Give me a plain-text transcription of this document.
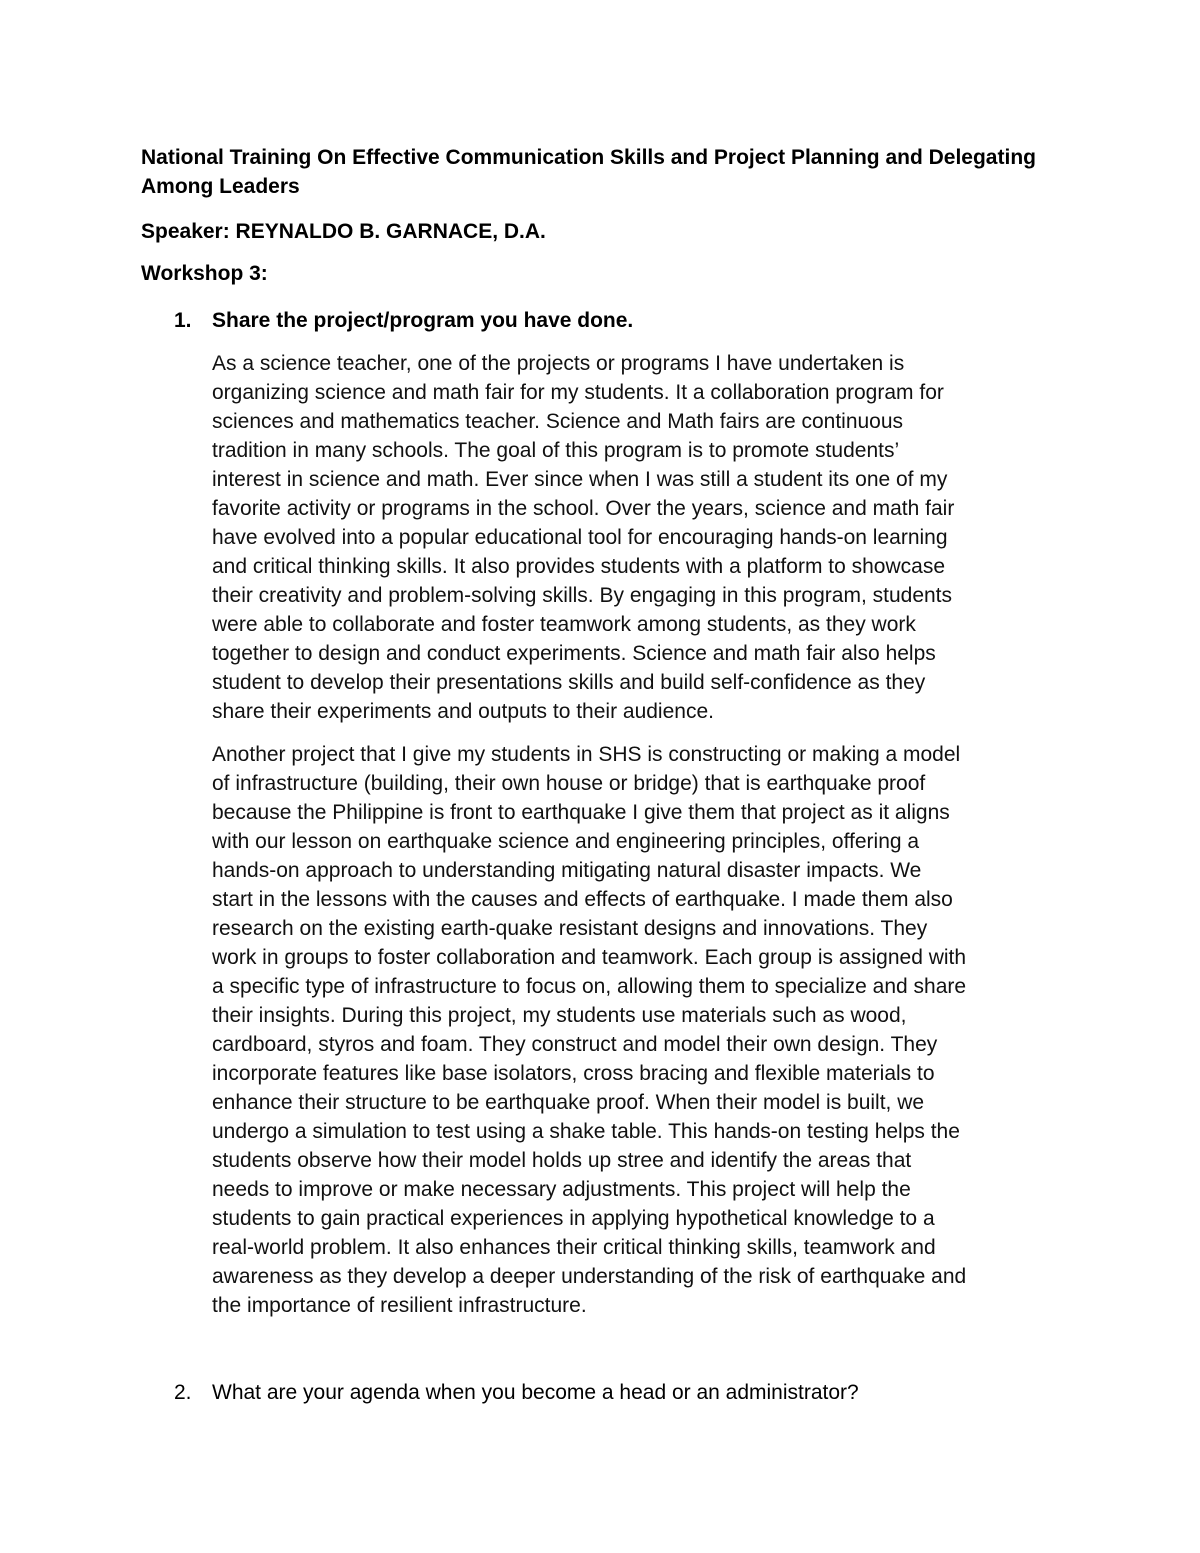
National Training On Effective Communication Skills and Project Planning and Delegating Among Leaders

Speaker: REYNALDO B. GARNACE, D.A.

Workshop 3:

1. Share the project/program you have done.
As a science teacher, one of the projects or programs I have undertaken is
organizing science and math fair for my students. It a collaboration program for
sciences and mathematics teacher. Science and Math fairs are continuous
tradition in many schools. The goal of this program is to promote students’
interest in science and math. Ever since when I was still a student its one of my
favorite activity or programs in the school. Over the years, science and math fair
have evolved into a popular educational tool for encouraging hands-on learning
and critical thinking skills. It also provides students with a platform to showcase
their creativity and problem-solving skills. By engaging in this program, students
were able to collaborate and foster teamwork among students, as they work
together to design and conduct experiments. Science and math fair also helps
student to develop their presentations skills and build self-confidence as they
share their experiments and outputs to their audience.
Another project that I give my students in SHS is constructing or making a model
of infrastructure (building, their own house or bridge) that is earthquake proof
because the Philippine is front to earthquake I give them that project as it aligns
with our lesson on earthquake science and engineering principles, offering a
hands-on approach to understanding mitigating natural disaster impacts. We
start in the lessons with the causes and effects of earthquake. I made them also
research on the existing earth-quake resistant designs and innovations. They
work in groups to foster collaboration and teamwork. Each group is assigned with
a specific type of infrastructure to focus on, allowing them to specialize and share
their insights. During this project, my students use materials such as wood,
cardboard, styros and foam. They construct and model their own design. They
incorporate features like base isolators, cross bracing and flexible materials to
enhance their structure to be earthquake proof. When their model is built, we
undergo a simulation to test using a shake table. This hands-on testing helps the
students observe how their model holds up stree and identify the areas that
needs to improve or make necessary adjustments. This project will help the
students to gain practical experiences in applying hypothetical knowledge to a
real-world problem. It also enhances their critical thinking skills, teamwork and
awareness as they develop a deeper understanding of the risk of earthquake and
the importance of resilient infrastructure.
2. What are your agenda when you become a head or an administrator?
